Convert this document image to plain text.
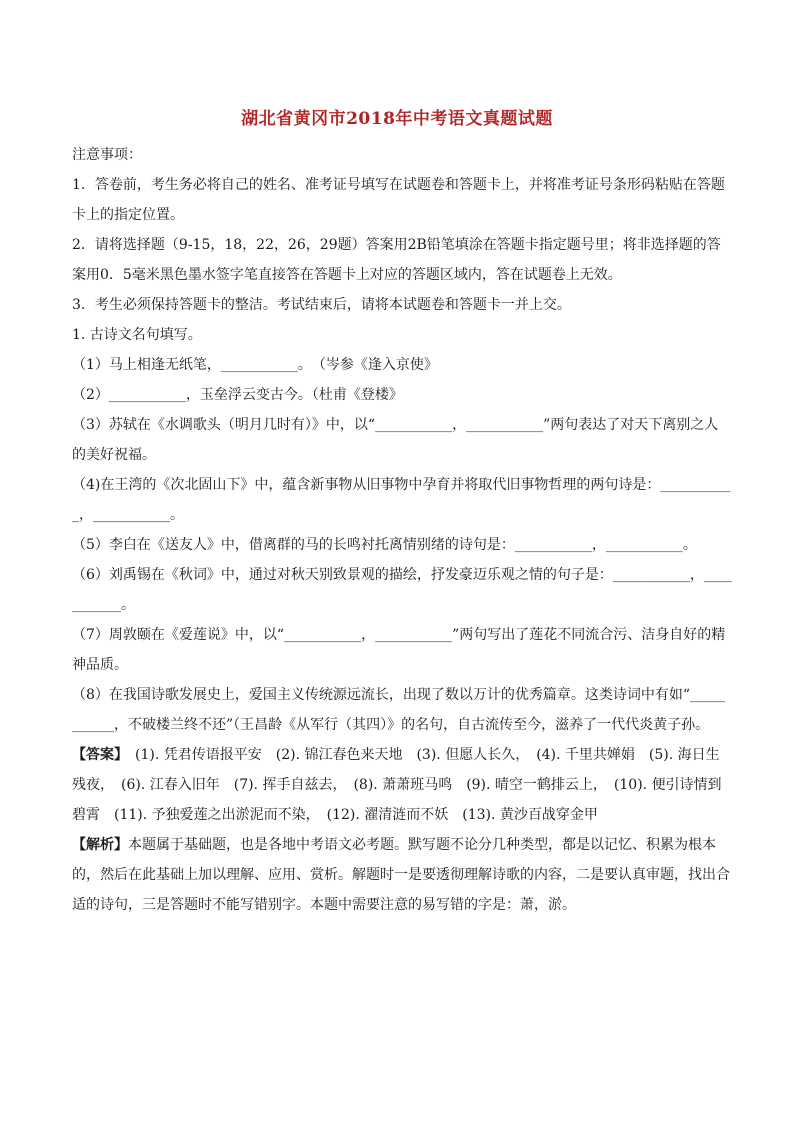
湖北省黄冈市2018年中考语文真题试题

注意事项：

1．答卷前，考生务必将自己的姓名、准考证号填写在试题卷和答题卡上，并将准考证号条形码粘贴在答题卡上的指定位置。

2．请将选择题（9-15，18，22，26，29题）答案用2B铅笔填涂在答题卡指定题号里；将非选择题的答案用0．5毫米黑色墨水签字笔直接答在答题卡上对应的答题区域内，答在试题卷上无效。

3．考生必须保持答题卡的整洁。考试结束后，请将本试题卷和答题卡一并上交。

1. 古诗文名句填写。

（1）马上相逢无纸笔，___________。　（岑参《逢入京使》

（2）___________，玉垒浮云变古今。（杜甫《登楼》

（3）苏轼在《水调歌头（明月几时有）》中，以“___________，___________”两句表达了对天下离别之人的美好祝福。

（4)在王湾的《次北固山下》中，蕴含新事物从旧事物中孕育并将取代旧事物哲理的两句诗是：___________，___________。

（5）李白在《送友人》中，借离群的马的长鸣衬托离情别绪的诗句是：___________，___________。

（6）刘禹锡在《秋词》中，通过对秋天别致景观的描绘，抒发豪迈乐观之情的句子是：___________，___________。

（7）周敦颐在《爱莲说》中，以“___________，___________”两句写出了莲花不同流合污、洁身自好的精神品质。

（8）在我国诗歌发展史上，爱国主义传统源远流长，出现了数以万计的优秀篇章。这类诗词中有如“___________，不破楼兰终不还”（王昌龄《从军行（其四）》的名句，自古流传至今，滋养了一代代炎黄子孙。

【答案】　(1). 凭君传语报平安　(2). 锦江春色来天地　(3). 但愿人长久，　(4). 千里共婵娟　(5). 海日生残夜，　(6). 江春入旧年　(7). 挥手自兹去，　(8). 萧萧班马鸣　(9). 晴空一鹤排云上，　(10). 便引诗情到碧霄　(11). 予独爱莲之出淤泥而不染，　(12). 濯清涟而不妖　(13). 黄沙百战穿金甲

【解析】本题属于基础题，也是各地中考语文必考题。默写题不论分几种类型，都是以记忆、积累为根本的，然后在此基础上加以理解、应用、赏析。解题时一是要透彻理解诗歌的内容，二是要认真审题，找出合适的诗句，三是答题时不能写错别字。本题中需要注意的易写错的字是：萧，淤。
